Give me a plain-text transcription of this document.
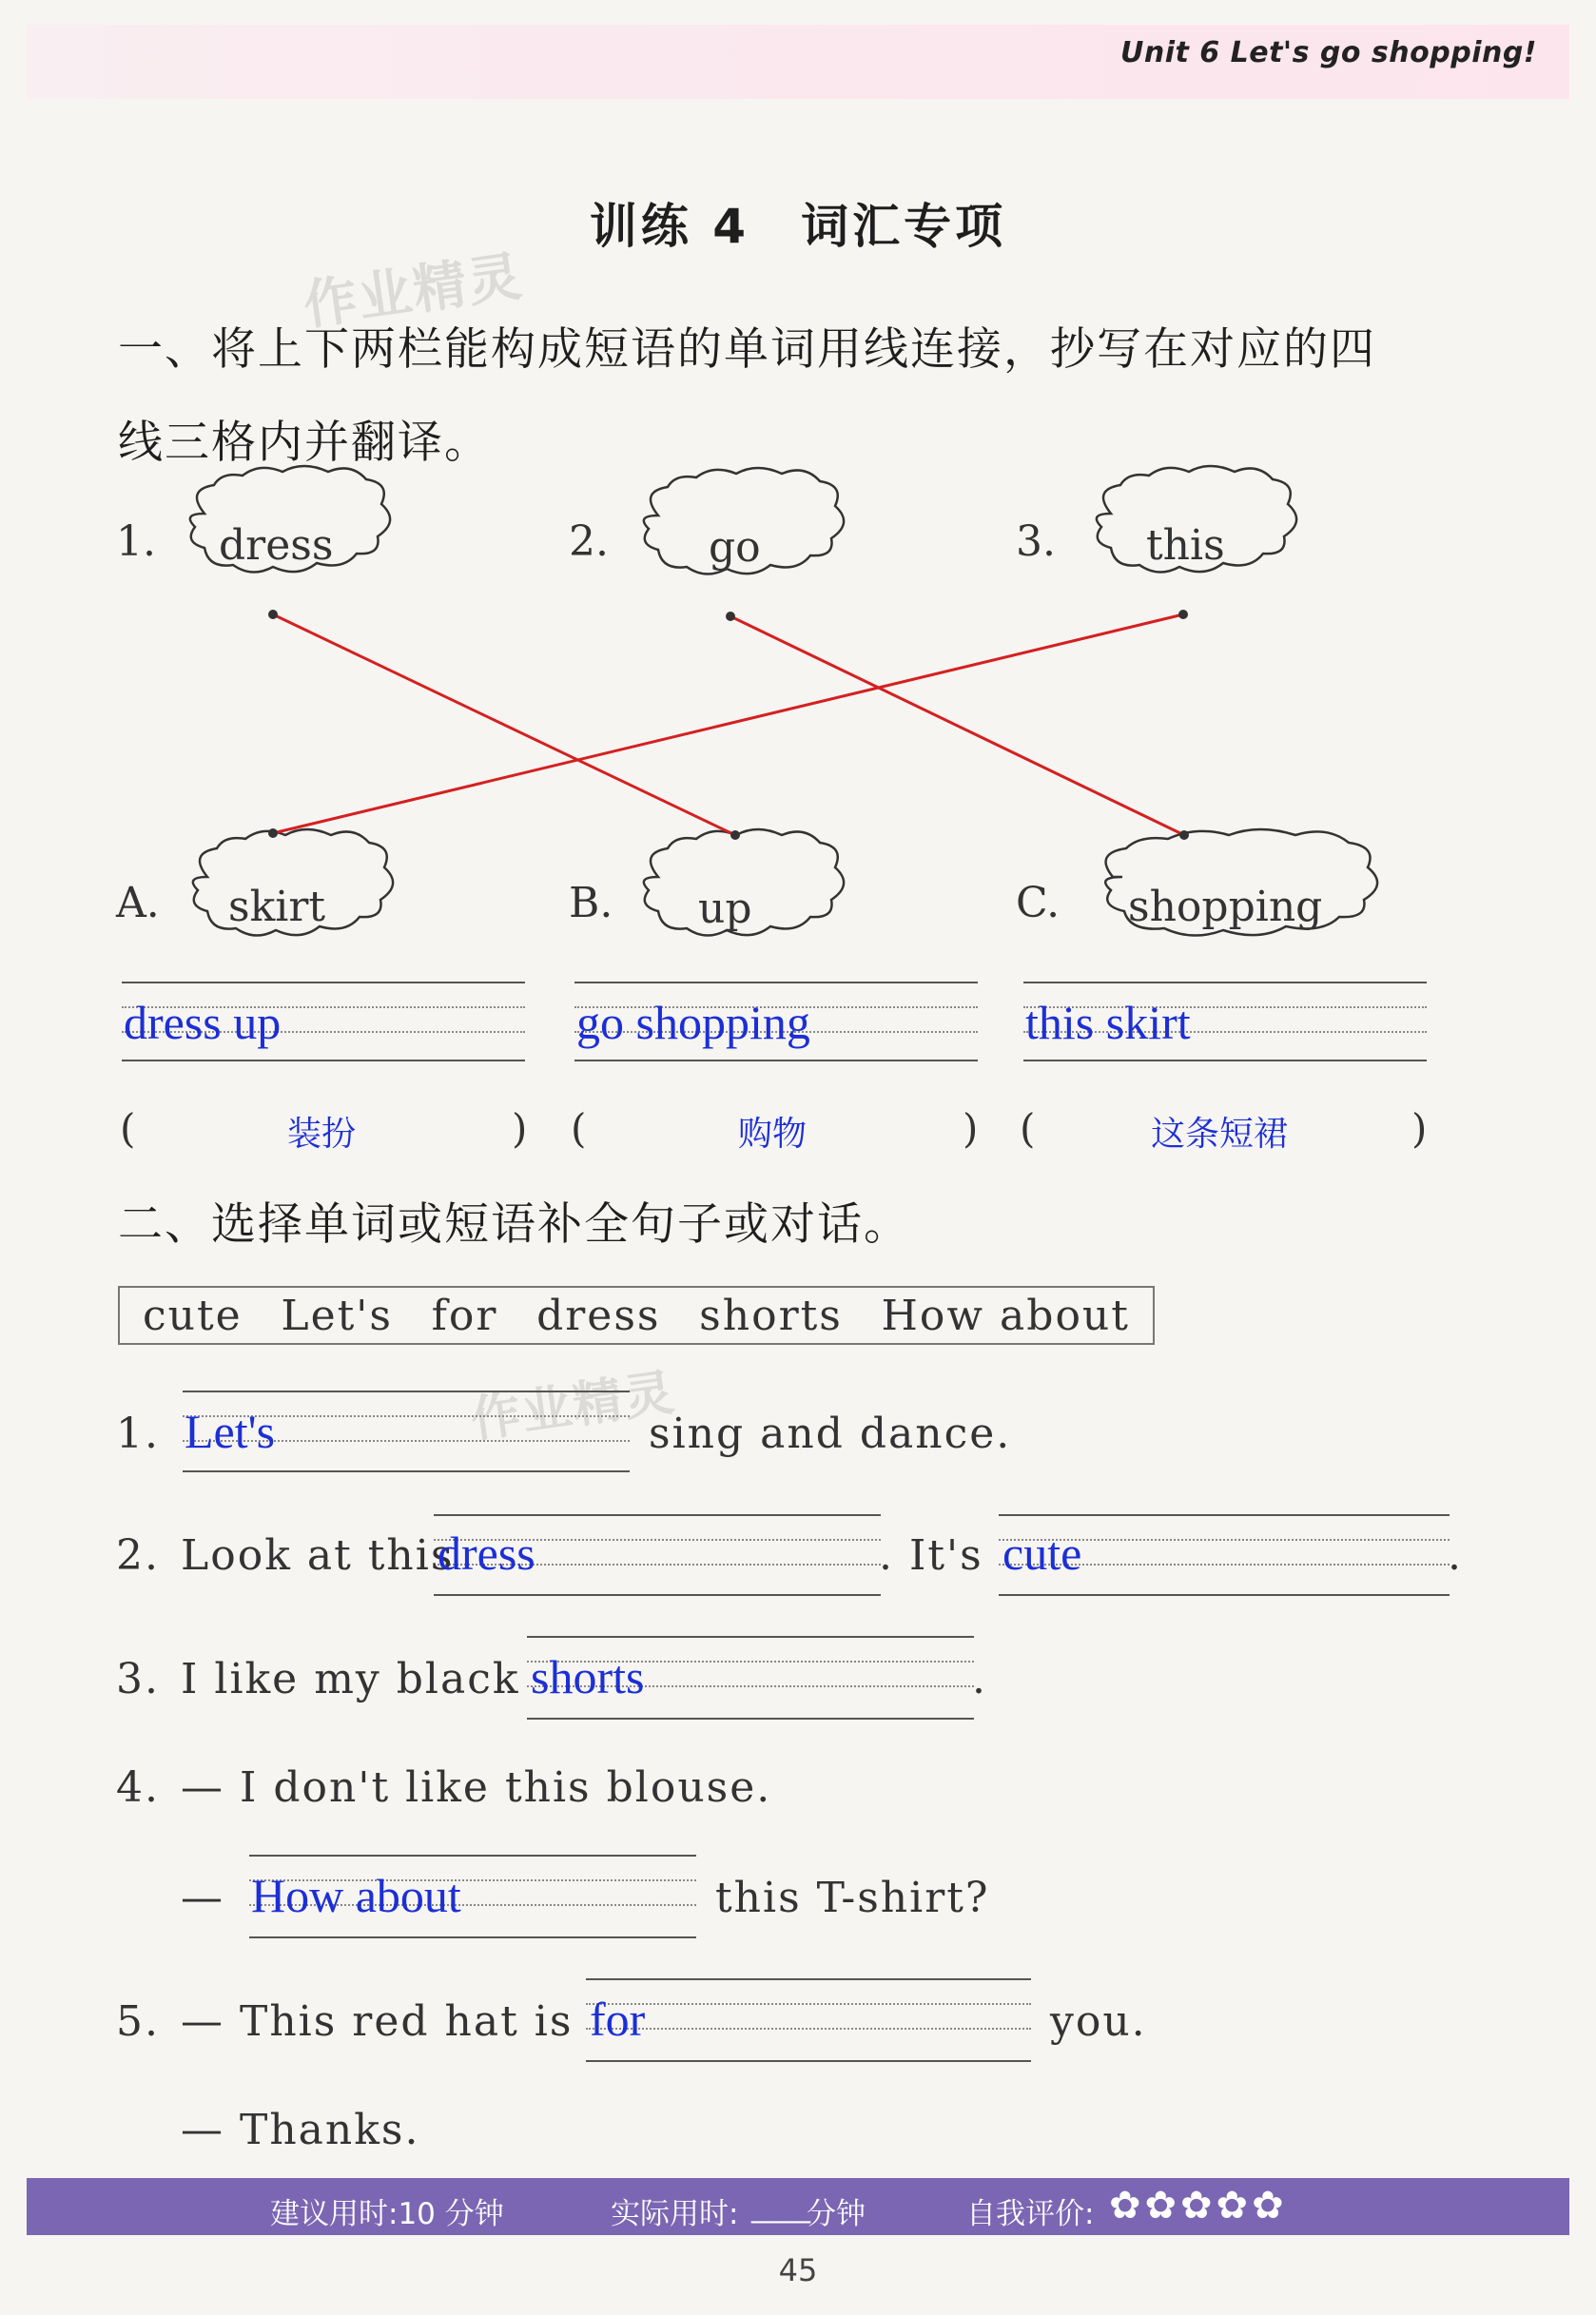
Unit 6 Let's go shopping!
训练 4　词汇专项
作业精灵
一、将上下两栏能构成短语的单词用线连接，抄写在对应的四
线三格内并翻译。
1. dress	2. go	3. this
A. skirt	B. up	C. shopping
dress up	go shopping	this skirt
(	装扮	) (	购物	) (	这条短裙	)
二、选择单词或短语补全句子或对话。
cute Let's for dress shorts How about
作业精灵
1. Let's	sing and dance.
2. Look at this
dress	. It's cute	.
3. I like my black shorts	.
4. — I don't like this blouse.
— How about	this T-shirt?
5. — This red hat is for	you.
— Thanks.
建议用时:10 分钟	实际用时: ____
分钟	自我评价: ✿✿✿✿✿
45
